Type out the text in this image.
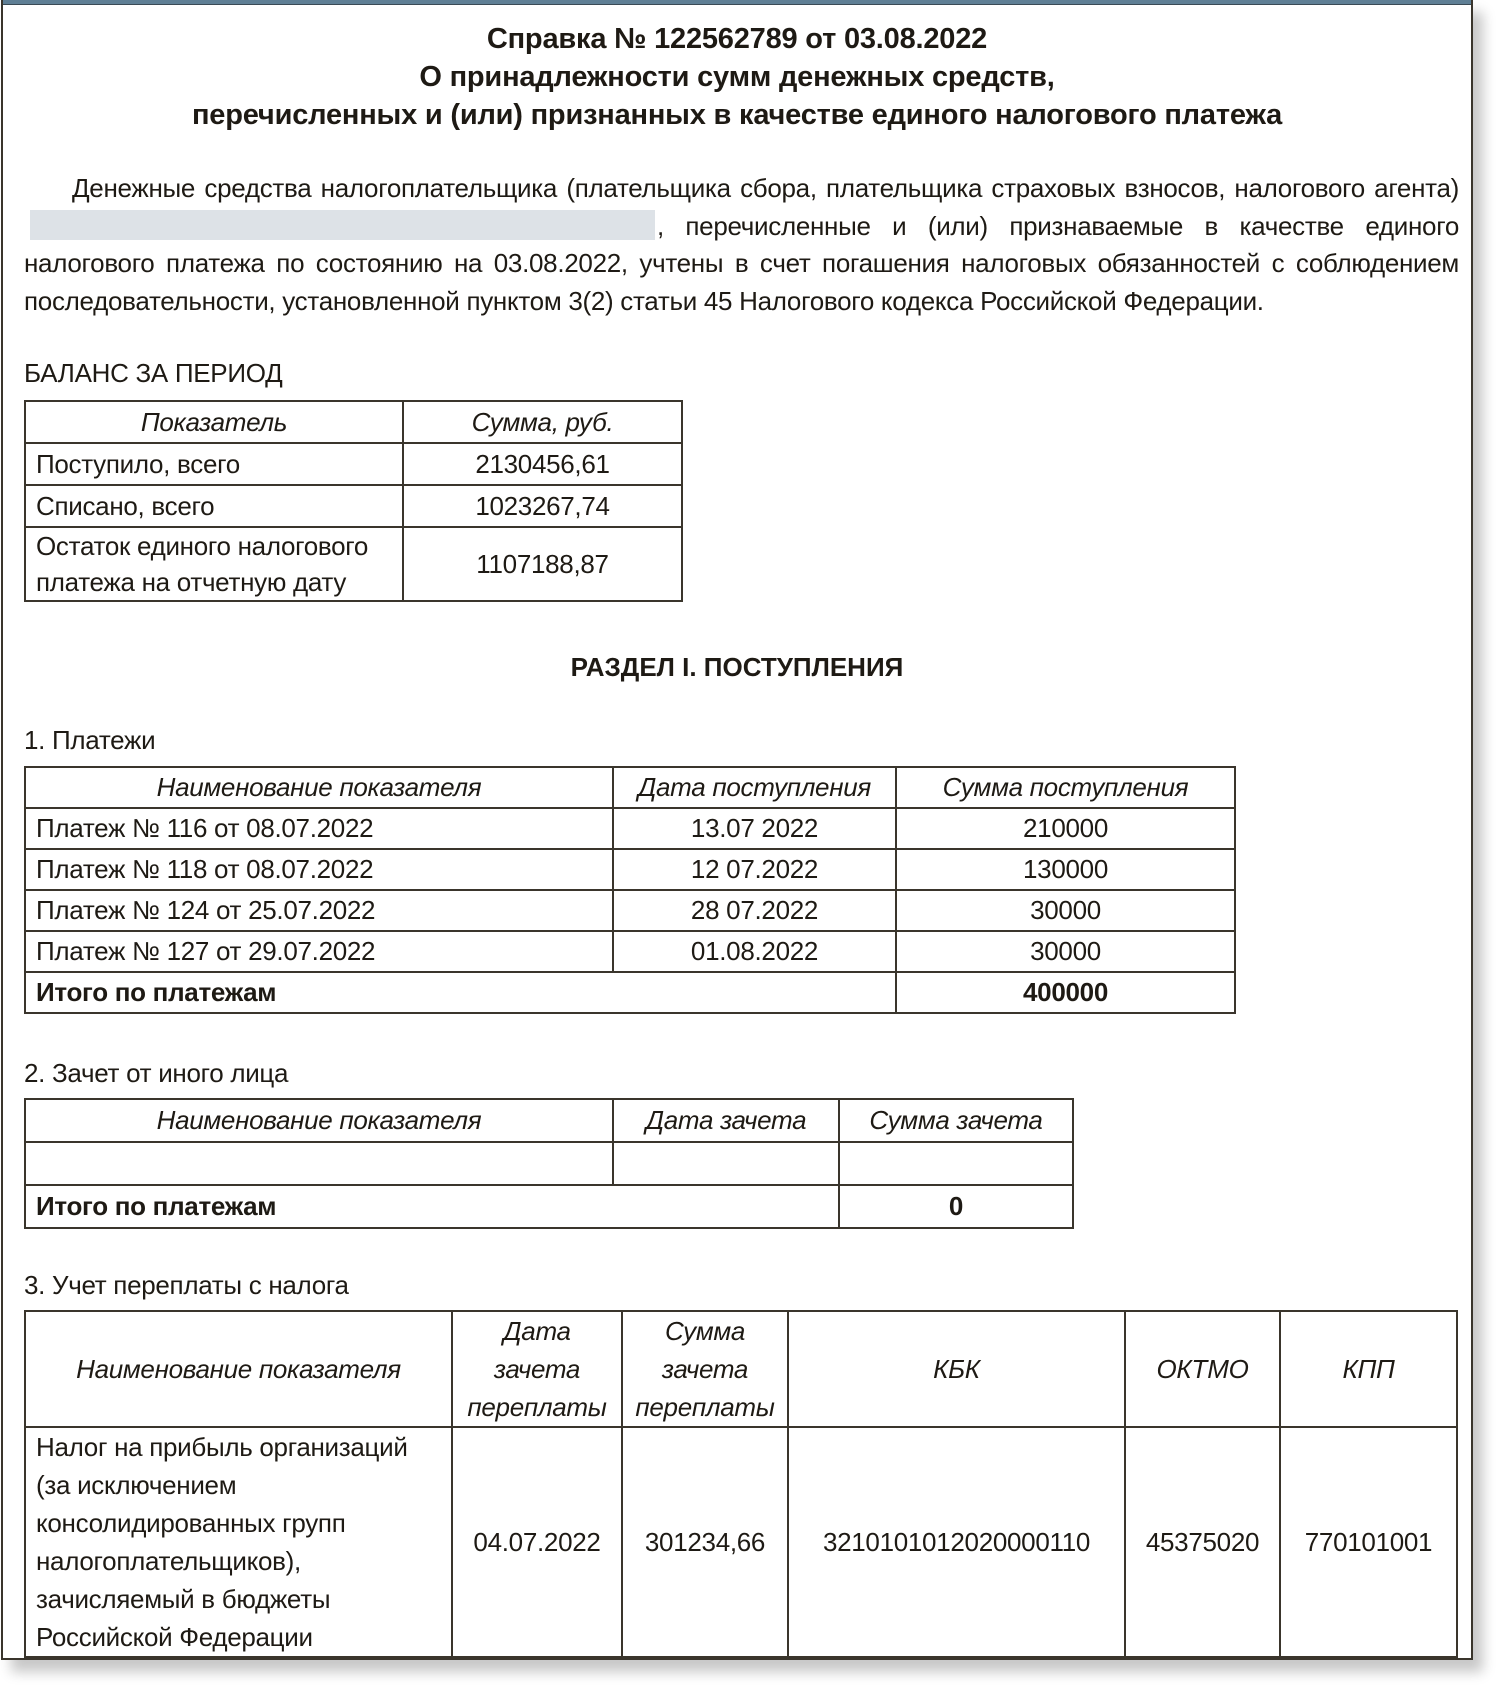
Справка № 122562789 от 03.08.2022
О принадлежности сумм денежных средств,
перечисленных и (или) признанных в качестве единого налогового платежа
Денежные средства налогоплательщика (плательщика сбора, плательщика страховых взносов, налогового агента), перечисленные и (или) признаваемые в качестве единого налогового платежа по состоянию на 03.08.2022, учтены в счет погашения налоговых обязанностей с соблюдением последовательности, установленной пунктом 3(2) статьи 45 Налогового кодекса Российской Федерации.
БАЛАНС ЗА ПЕРИОД
Показатель	Сумма, руб.
Поступило, всего	2130456,61
Списано, всего	1023267,74
Остаток единого налогового платежа на отчетную дату	1107188,87
РАЗДЕЛ I. ПОСТУПЛЕНИЯ
1. Платежи
Наименование показателя	Дата поступления	Сумма поступления
Платеж № 116 от 08.07.2022	13.07 2022	210000
Платеж № 118 от 08.07.2022	12 07.2022	130000
Платеж № 124 от 25.07.2022	28 07.2022	30000
Платеж № 127 от 29.07.2022	01.08.2022	30000
Итого по платежам		400000
2. Зачет от иного лица
Наименование показателя	Дата зачета	Сумма зачета

Итого по платежам		0
3. Учет переплаты с налога
Наименование показателя	Дата зачета переплаты	Сумма зачета переплаты	КБК	ОКТМО	КПП
Налог на прибыль организаций (за исключением консолидированных групп налогоплательщиков), зачисляемый в бюджеты Российской Федерации	04.07.2022	301234,66	3210101012020000110	45375020	770101001
